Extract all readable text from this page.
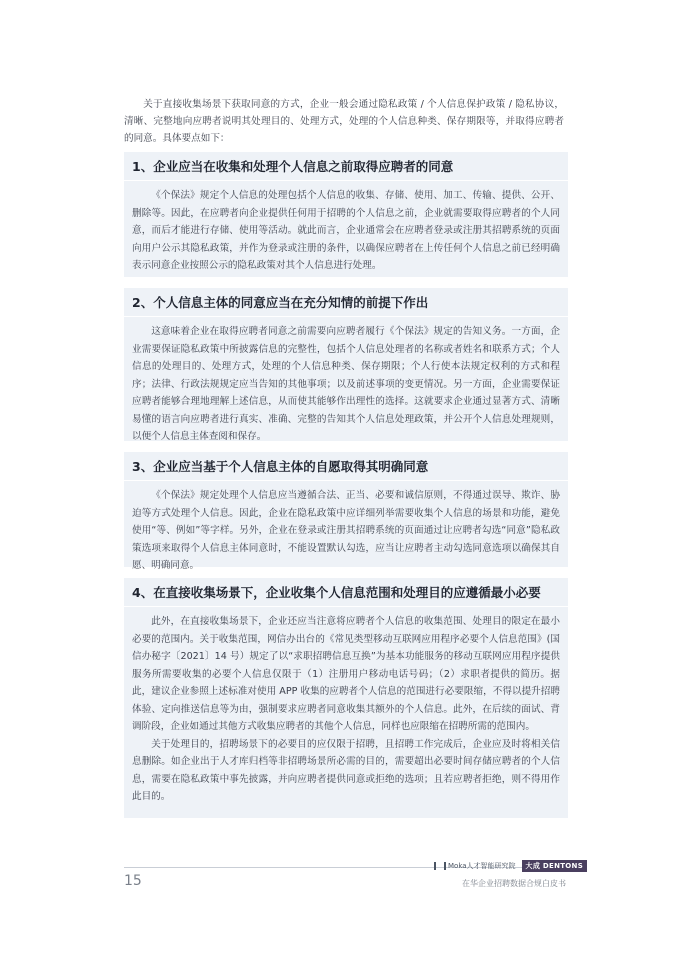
关于直接收集场景下获取同意的方式，企业一般会通过隐私政策 / 个人信息保护政策 / 隐私协议，清晰、完整地向应聘者说明其处理目的、处理方式，处理的个人信息种类、保存期限等，并取得应聘者的同意。具体要点如下：
1、企业应当在收集和处理个人信息之前取得应聘者的同意

《个保法》规定个人信息的处理包括个人信息的收集、存储、使用、加工、传输、提供、公开、删除等。因此，在应聘者向企业提供任何用于招聘的个人信息之前，企业就需要取得应聘者的个人同意，而后才能进行存储、使用等活动。就此而言，企业通常会在应聘者登录或注册其招聘系统的页面向用户公示其隐私政策，并作为登录或注册的条件，以确保应聘者在上传任何个人信息之前已经明确表示同意企业按照公示的隐私政策对其个人信息进行处理。

2、个人信息主体的同意应当在充分知情的前提下作出

这意味着企业在取得应聘者同意之前需要向应聘者履行《个保法》规定的告知义务。一方面，企业需要保证隐私政策中所披露信息的完整性，包括个人信息处理者的名称或者姓名和联系方式；个人信息的处理目的、处理方式，处理的个人信息种类、保存期限；个人行使本法规定权利的方式和程序；法律、行政法规规定应当告知的其他事项；以及前述事项的变更情况。另一方面，企业需要保证应聘者能够合理地理解上述信息，从而使其能够作出理性的选择。这就要求企业通过显著方式、清晰易懂的语言向应聘者进行真实、准确、完整的告知其个人信息处理政策，并公开个人信息处理规则，以便个人信息主体查阅和保存。

3、企业应当基于个人信息主体的自愿取得其明确同意

《个保法》规定处理个人信息应当遵循合法、正当、必要和诚信原则，不得通过误导、欺诈、胁迫等方式处理个人信息。因此，企业在隐私政策中应详细列举需要收集个人信息的场景和功能，避免使用“等、例如”等字样。另外，企业在登录或注册其招聘系统的页面通过让应聘者勾选“同意”隐私政策选项来取得个人信息主体同意时，不能设置默认勾选，应当让应聘者主动勾选同意选项以确保其自愿、明确同意。

4、在直接收集场景下，企业收集个人信息范围和处理目的应遵循最小必要

此外，在直接收集场景下，企业还应当注意将应聘者个人信息的收集范围、处理目的限定在最小必要的范围内。关于收集范围，网信办出台的《常见类型移动互联网应用程序必要个人信息范围》(国信办秘字〔2021〕14 号）规定了以“求职招聘信息互换”为基本功能服务的移动互联网应用程序提供服务所需要收集的必要个人信息仅限于（1）注册用户移动电话号码；（2）求职者提供的简历。据此，建议企业参照上述标准对使用 APP 收集的应聘者个人信息的范围进行必要限缩，不得以提升招聘体验、定向推送信息等为由，强制要求应聘者同意收集其额外的个人信息。此外，在后续的面试、背调阶段，企业如通过其他方式收集应聘者的其他个人信息，同样也应限缩在招聘所需的范围内。

关于处理目的，招聘场景下的必要目的应仅限于招聘，且招聘工作完成后，企业应及时将相关信息删除。如企业出于人才库归档等非招聘场景所必需的目的，需要超出必要时间存储应聘者的个人信息，需要在隐私政策中事先披露，并向应聘者提供同意或拒绝的选项；且若应聘者拒绝，则不得用作此目的。

15
Moka人才智能研究院	大成 DENTONS
在华企业招聘数据合规白皮书
